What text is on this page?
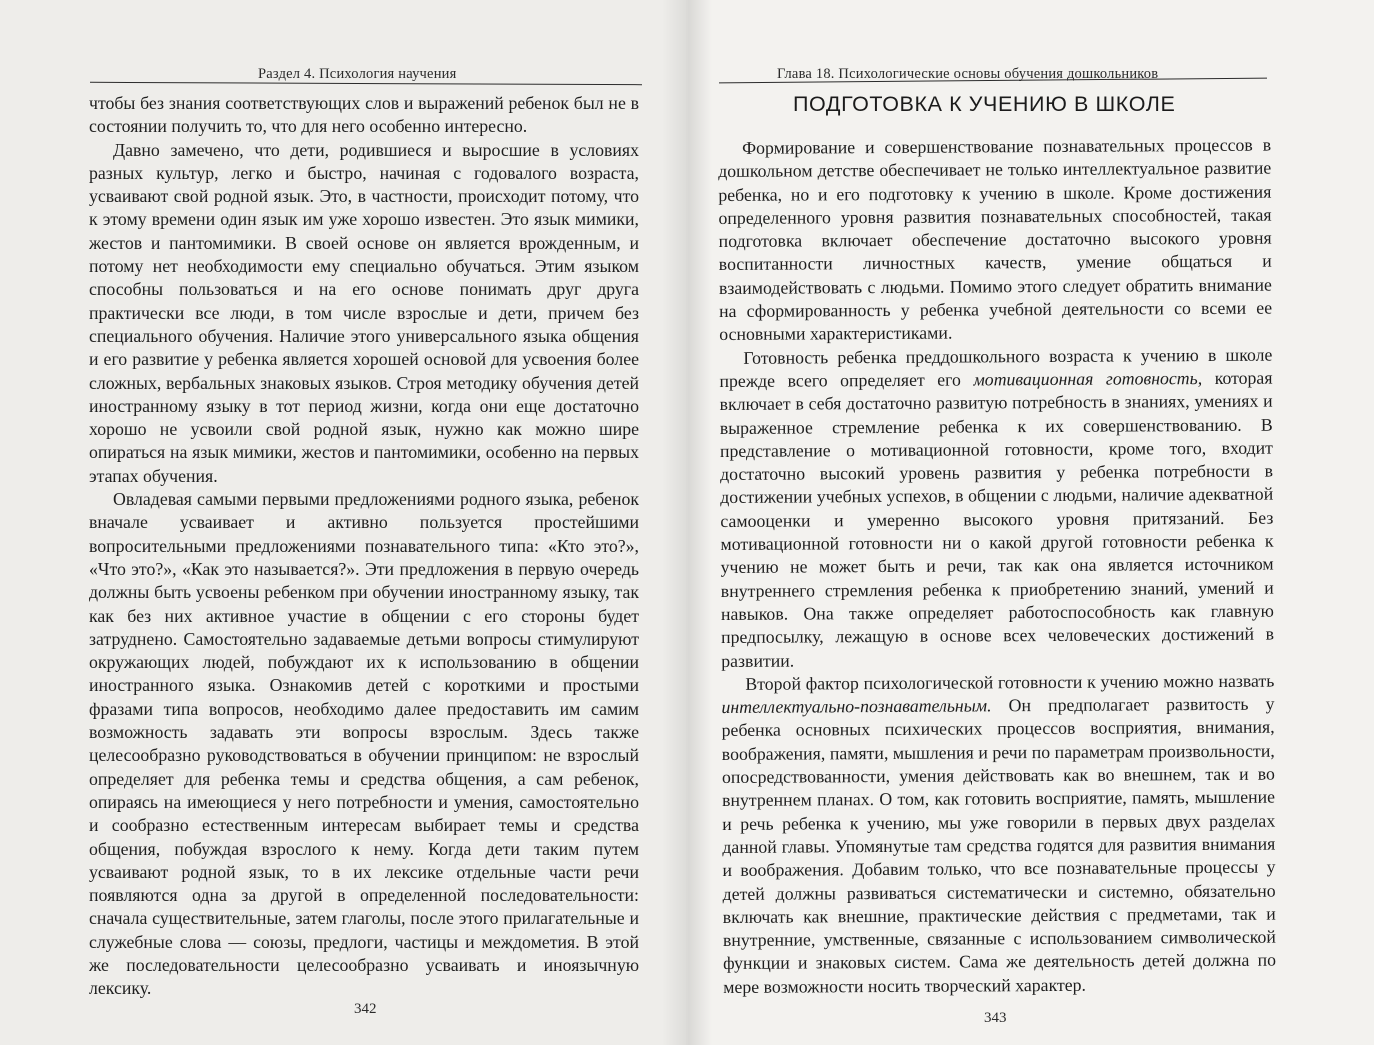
Раздел 4. Психология научения

чтобы без знания соответствующих слов и выражений ребенок был не в состоянии получить то, что для него особенно интересно.

Давно замечено, что дети, родившиеся и выросшие в условиях разных культур, легко и быстро, начиная с годовалого возраста, усваивают свой родной язык. Это, в частности, происходит потому, что к этому времени один язык им уже хорошо известен. Это язык мимики, жестов и пантомимики. В своей основе он является врожденным, и потому нет необходимости ему специально обучаться. Этим языком способны пользоваться и на его основе понимать друг друга практически все люди, в том числе взрослые и дети, причем без специального обучения. Наличие этого универсального языка общения и его развитие у ребенка является хорошей основой для усвоения более сложных, вербальных знаковых языков. Строя методику обучения детей иностранному языку в тот период жизни, когда они еще достаточно хорошо не усвоили свой родной язык, нужно как можно шире опираться на язык мимики, жестов и пантомимики, особенно на первых этапах обучения.

Овладевая самыми первыми предложениями родного языка, ребенок вначале усваивает и активно пользуется простейшими вопросительными предложениями познавательного типа: «Кто это?», «Что это?», «Как это называется?». Эти предложения в первую очередь должны быть усвоены ребенком при обучении иностранному языку, так как без них активное участие в общении с его стороны будет затруднено. Самостоятельно задаваемые детьми вопросы стимулируют окружающих людей, побуждают их к использованию в общении иностранного языка. Ознакомив детей с короткими и простыми фразами типа вопросов, необходимо далее предоставить им самим возможность задавать эти вопросы взрослым. Здесь также целесообразно руководствоваться в обучении принципом: не взрослый определяет для ребенка темы и средства общения, а сам ребенок, опираясь на имеющиеся у него потребности и умения, самостоятельно и сообразно естественным интересам выбирает темы и средства общения, побуждая взрослого к нему. Когда дети таким путем усваивают родной язык, то в их лексике отдельные части речи появляются одна за другой в определенной последовательности: сначала существительные, затем глаголы, после этого прилагательные и служебные слова — союзы, предлоги, частицы и междометия. В этой же последовательности целесообразно усваивать и иноязычную лексику.

342
Глава 18. Психологические основы обучения дошкольников
ПОДГОТОВКА К УЧЕНИЮ В ШКОЛЕ

Формирование и совершенствование познавательных процессов в дошкольном детстве обеспечивает не только интеллектуальное развитие ребенка, но и его подготовку к учению в школе. Кроме достижения определенного уровня развития познавательных способностей, такая подготовка включает обеспечение достаточно высокого уровня воспитанности личностных качеств, умение общаться и взаимодействовать с людьми. Помимо этого следует обратить внимание на сформированность у ребенка учебной деятельности со всеми ее основными характеристиками.

Готовность ребенка преддошкольного возраста к учению в школе прежде всего определяет его мотивационная готовность, которая включает в себя достаточно развитую потребность в знаниях, умениях и выраженное стремление ребенка к их совершенствованию. В представление о мотивационной готовности, кроме того, входит достаточно высокий уровень развития у ребенка потребности в достижении учебных успехов, в общении с людьми, наличие адекватной самооценки и умеренно высокого уровня притязаний. Без мотивационной готовности ни о какой другой готовности ребенка к учению не может быть и речи, так как она является источником внутреннего стремления ребенка к приобретению знаний, умений и навыков. Она также определяет работоспособность как главную предпосылку, лежащую в основе всех человеческих достижений в развитии.

Второй фактор психологической готовности к учению можно назвать интеллектуально-познавательным. Он предполагает развитость у ребенка основных психических процессов восприятия, внимания, воображения, памяти, мышления и речи по параметрам произвольности, опосредствованности, умения действовать как во внешнем, так и во внутреннем планах. О том, как готовить восприятие, память, мышление и речь ребенка к учению, мы уже говорили в первых двух разделах данной главы. Упомянутые там средства годятся для развития внимания и воображения. Добавим только, что все познавательные процессы у детей должны развиваться систематически и системно, обязательно включать как внешние, практические действия с предметами, так и внутренние, умственные, связанные с использованием символической функции и знаковых систем. Сама же деятельность детей должна по мере возможности носить творческий характер.

343
